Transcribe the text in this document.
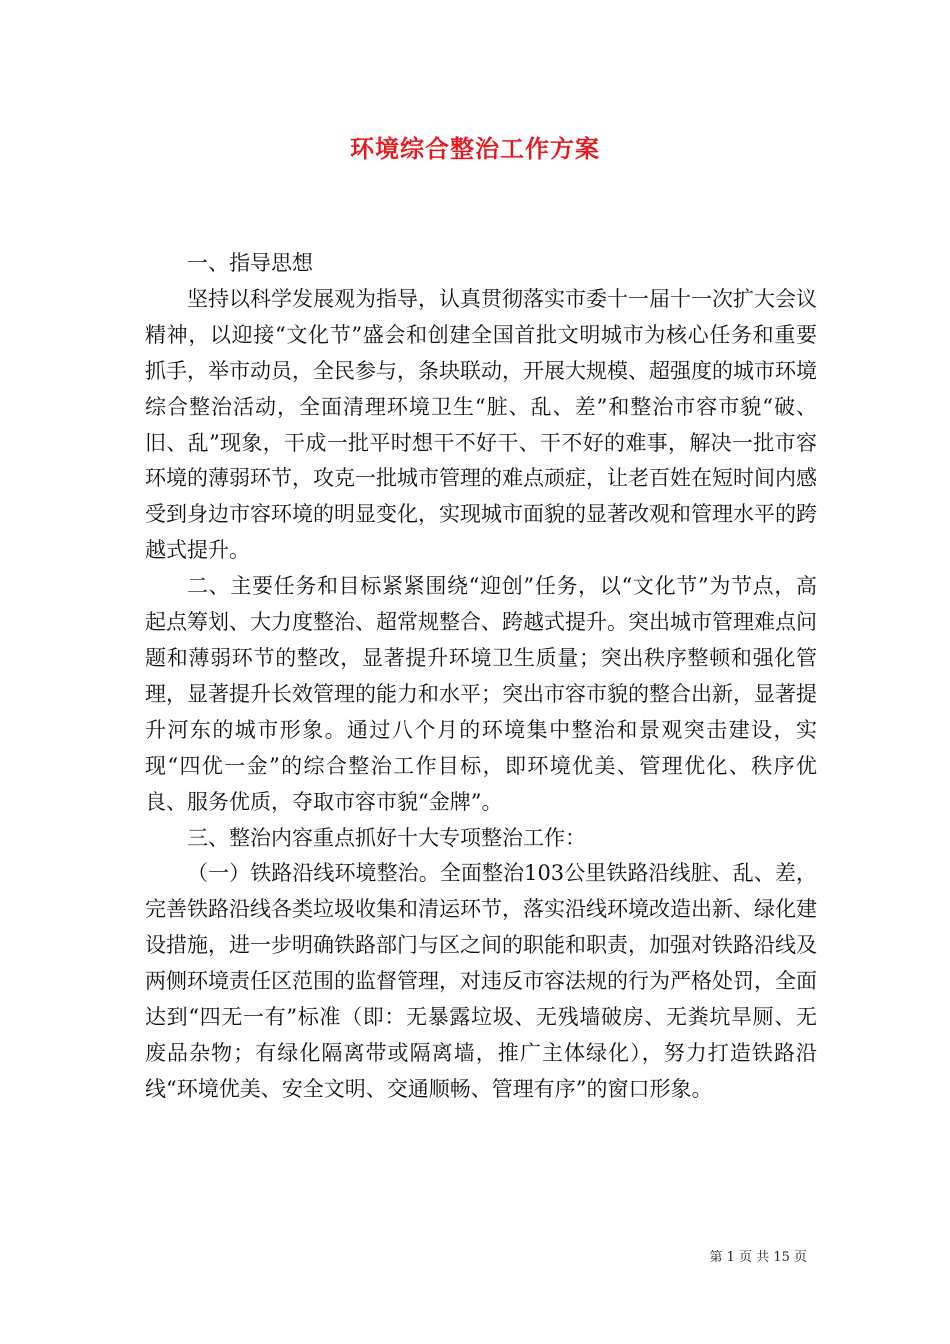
环境综合整治工作方案

一、指导思想

坚持以科学发展观为指导，认真贯彻落实市委十一届十一次扩大会议精神，以迎接“文化节”盛会和创建全国首批文明城市为核心任务和重要抓手，举市动员，全民参与，条块联动，开展大规模、超强度的城市环境综合整治活动，全面清理环境卫生“脏、乱、差”和整治市容市貌“破、旧、乱”现象，干成一批平时想干不好干、干不好的难事，解决一批市容环境的薄弱环节，攻克一批城市管理的难点顽症，让老百姓在短时间内感受到身边市容环境的明显变化，实现城市面貌的显著改观和管理水平的跨越式提升。

二、主要任务和目标紧紧围绕“迎创”任务，以“文化节”为节点，高起点筹划、大力度整治、超常规整合、跨越式提升。突出城市管理难点问题和薄弱环节的整改，显著提升环境卫生质量；突出秩序整顿和强化管理，显著提升长效管理的能力和水平；突出市容市貌的整合出新，显著提升河东的城市形象。通过八个月的环境集中整治和景观突击建设，实现“四优一金”的综合整治工作目标，即环境优美、管理优化、秩序优良、服务优质，夺取市容市貌“金牌”。

三、整治内容重点抓好十大专项整治工作：

（一）铁路沿线环境整治。全面整治103公里铁路沿线脏、乱、差，完善铁路沿线各类垃圾收集和清运环节，落实沿线环境改造出新、绿化建设措施，进一步明确铁路部门与区之间的职能和职责，加强对铁路沿线及两侧环境责任区范围的监督管理，对违反市容法规的行为严格处罚，全面达到“四无一有”标准（即：无暴露垃圾、无残墙破房、无粪坑旱厕、无废品杂物；有绿化隔离带或隔离墙，推广主体绿化），努力打造铁路沿线“环境优美、安全文明、交通顺畅、管理有序”的窗口形象。

第 1 页 共 15 页
